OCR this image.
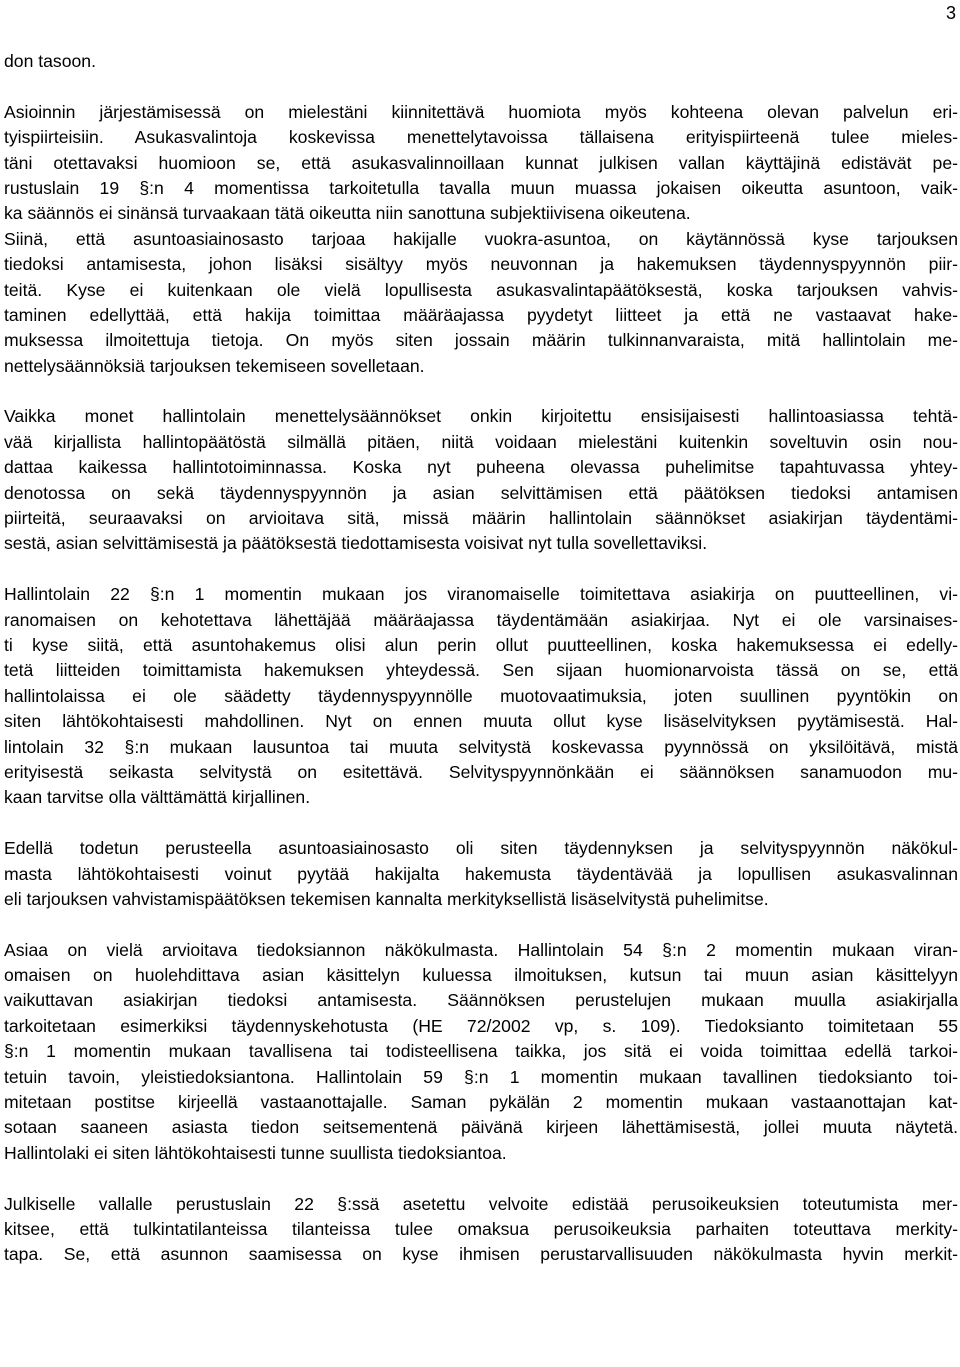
3
don tasoon.
Asioinnin järjestämisessä on mielestäni kiinnitettävä huomiota myös kohteena olevan palvelun eri-
tyispiirteisiin. Asukasvalintoja koskevissa menettelytavoissa tällaisena erityispiirteenä tulee mieles-
täni otettavaksi huomioon se, että asukasvalinnoillaan kunnat julkisen vallan käyttäjinä edistävät pe-
rustuslain 19 §:n 4 momentissa tarkoitetulla tavalla muun muassa jokaisen oikeutta asuntoon, vaik-
ka säännös ei sinänsä turvaakaan tätä oikeutta niin sanottuna subjektiivisena oikeutena.
Siinä, että asuntoasiainosasto tarjoaa hakijalle vuokra-asuntoa, on käytännössä kyse tarjouksen
tiedoksi antamisesta, johon lisäksi sisältyy myös neuvonnan ja hakemuksen täydennyspyynnön piir-
teitä. Kyse ei kuitenkaan ole vielä lopullisesta asukasvalintapäätöksestä, koska tarjouksen vahvis-
taminen edellyttää, että hakija toimittaa määräajassa pyydetyt liitteet ja että ne vastaavat hake-
muksessa ilmoitettuja tietoja. On myös siten jossain määrin tulkinnanvaraista, mitä hallintolain me-
nettelysäännöksiä tarjouksen tekemiseen sovelletaan.
Vaikka monet hallintolain menettelysäännökset onkin kirjoitettu ensisijaisesti hallintoasiassa tehtä-
vää kirjallista hallintopäätöstä silmällä pitäen, niitä voidaan mielestäni kuitenkin soveltuvin osin nou-
dattaa kaikessa hallintotoiminnassa. Koska nyt puheena olevassa puhelimitse tapahtuvassa yhtey-
denotossa on sekä täydennyspyynnön ja asian selvittämisen että päätöksen tiedoksi antamisen
piirteitä, seuraavaksi on arvioitava sitä, missä määrin hallintolain säännökset asiakirjan täydentämi-
sestä, asian selvittämisestä ja päätöksestä tiedottamisesta voisivat nyt tulla sovellettaviksi.
Hallintolain 22 §:n 1 momentin mukaan jos viranomaiselle toimitettava asiakirja on puutteellinen, vi-
ranomaisen on kehotettava lähettäjää määräajassa täydentämään asiakirjaa. Nyt ei ole varsinaises-
ti kyse siitä, että asuntohakemus olisi alun perin ollut puutteellinen, koska hakemuksessa ei edelly-
tetä liitteiden toimittamista hakemuksen yhteydessä. Sen sijaan huomionarvoista tässä on se, että
hallintolaissa ei ole säädetty täydennyspyynnölle muotovaatimuksia, joten suullinen pyyntökin on
siten lähtökohtaisesti mahdollinen. Nyt on ennen muuta ollut kyse lisäselvityksen pyytämisestä. Hal-
lintolain 32 §:n mukaan lausuntoa tai muuta selvitystä koskevassa pyynnössä on yksilöitävä, mistä
erityisestä seikasta selvitystä on esitettävä. Selvityspyynnönkään ei säännöksen sanamuodon mu-
kaan tarvitse olla välttämättä kirjallinen.
Edellä todetun perusteella asuntoasiainosasto oli siten täydennyksen ja selvityspyynnön näkökul-
masta lähtökohtaisesti voinut pyytää hakijalta hakemusta täydentävää ja lopullisen asukasvalinnan
eli tarjouksen vahvistamispäätöksen tekemisen kannalta merkityksellistä lisäselvitystä puhelimitse.
Asiaa on vielä arvioitava tiedoksiannon näkökulmasta. Hallintolain 54 §:n 2 momentin mukaan viran-
omaisen on huolehdittava asian käsittelyn kuluessa ilmoituksen, kutsun tai muun asian käsittelyyn
vaikuttavan asiakirjan tiedoksi antamisesta. Säännöksen perustelujen mukaan muulla asiakirjalla
tarkoitetaan esimerkiksi täydennyskehotusta (HE 72/2002 vp, s. 109). Tiedoksianto toimitetaan 55
§:n 1 momentin mukaan tavallisena tai todisteellisena taikka, jos sitä ei voida toimittaa edellä tarkoi-
tetuin tavoin, yleistiedoksiantona. Hallintolain 59 §:n 1 momentin mukaan tavallinen tiedoksianto toi-
mitetaan postitse kirjeellä vastaanottajalle. Saman pykälän 2 momentin mukaan vastaanottajan kat-
sotaan saaneen asiasta tiedon seitsementenä päivänä kirjeen lähettämisestä, jollei muuta näytetä.
Hallintolaki ei siten lähtökohtaisesti tunne suullista tiedoksiantoa.
Julkiselle vallalle perustuslain 22 §:ssä asetettu velvoite edistää perusoikeuksien toteutumista mer-
kitsee, että tulkintatilanteissa tilanteissa tulee omaksua perusoikeuksia parhaiten toteuttava merkity-
tapa. Se, että asunnon saamisessa on kyse ihmisen perustarvallisuuden näkökulmasta hyvin merkit-
